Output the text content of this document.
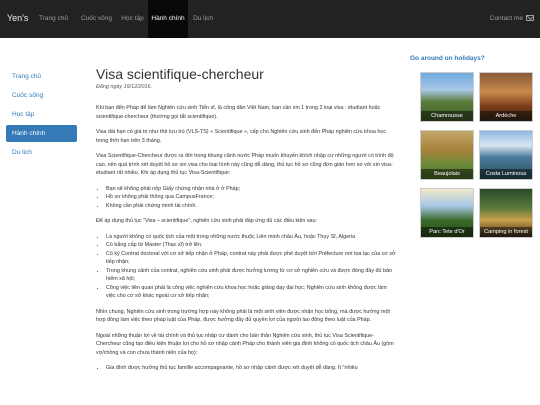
Yen's	Trang chủ	Cuốc sống	Học tập	Hành chính	Du lịch	Contact me
Trang chủ
Cuốc sống
Học tập
Hành chính
Du lịch
Visa scientifique-chercheur
Đăng ngày 19/12/2016.

Khi bạn đến Pháp để làm Nghiên cứu sinh Tiến sĩ, là công dân Việt Nam, bạn cần xin 1 trong 2 loại visa : étudiant hoặc scientifique-chercheur (thường gọi tắt scientifique).

Visa dài hạn có giá trị như thẻ lưu trú (VLS-TS) « Scientifique », cấp cho Nghiên cứu sinh đến Pháp nghiên cứu khoa học trong thời hạn trên 3 tháng.

Visa Scientifique-Chercheur được ra đời trong khung cảnh nước Pháp muốn khuyến khích nhập cư những người có trình độ cao, nên quá trình xét duyệt hồ sơ xin visa cho loại hình này cũng dễ dàng, thủ tục hồ sơ cũng đơn giản hơn so với xin visa-étudiant rất nhiều. Khi áp dụng thủ tục Visa-Scientifique:

• Bạn sẽ không phải nộp Giấy chứng nhận nhà ở ở Pháp;
• Hồ sơ không phải thông qua CampusFrance;
• Không cần phải chứng minh tài chính.

Để áp dụng thủ tục "Visa – scientifique", nghiên cứu sinh phải đáp ứng đủ các điều kiện sau:

• Là người không có quốc tịch của một trong những nước thuộc Liên minh châu Âu, hoặc Thụy Sĩ, Algeria
• Có bằng cấp từ Master (Thạc sĩ) trở lên.
• Có ký Contrat doctoral với cơ sở tiếp nhận ở Pháp, contrat này phải được phê duyệt bởi Préfecture nơi tọa lạc của cơ sở tiếp nhận;
• Trong khung cảnh của contrat, nghiên cứu sinh phải được hưởng lương từ cơ sở nghiên cứu và được đóng đầy đủ bảo hiểm xã hội;
• Công việc liên quan phải là công việc nghiên cứu khoa học hoặc giảng dạy đại học; Nghiên cứu sinh không được làm việc cho cơ sở khác ngoài cơ sở tiếp nhận;

Nhìn chung, Nghiên cứu sinh trong trường hợp này không phải là một sinh viên được nhận học bổng, mà được hưởng một hợp đồng làm việc theo pháp luật của Pháp, được hưởng đầy đủ quyền lợi của người lao động theo luật của Pháp.

Ngoài những thuận lợi về tài chính và thủ tục nhập cư dành cho bản thân Nghiên cứu sinh, thủ tục Visa Scientifique-Chercheur cũng tạo điều kiện thuận lợi cho hồ sơ nhập cảnh Pháp cho thành viên gia đình không có quốc tịch châu Âu (gồm vợ/chồng và con chưa thành niên của họ):

• Gia đình được hưởng thủ tục famille accompagnante, hồ sơ nhập cảnh được xét duyệt dễ dàng. Ít "nhiêu
Go around on holidays?
Chamrousse	Ardèche
Beaujolais	Costa Luminosa
Parc Tete d'Or	Camping in forest
